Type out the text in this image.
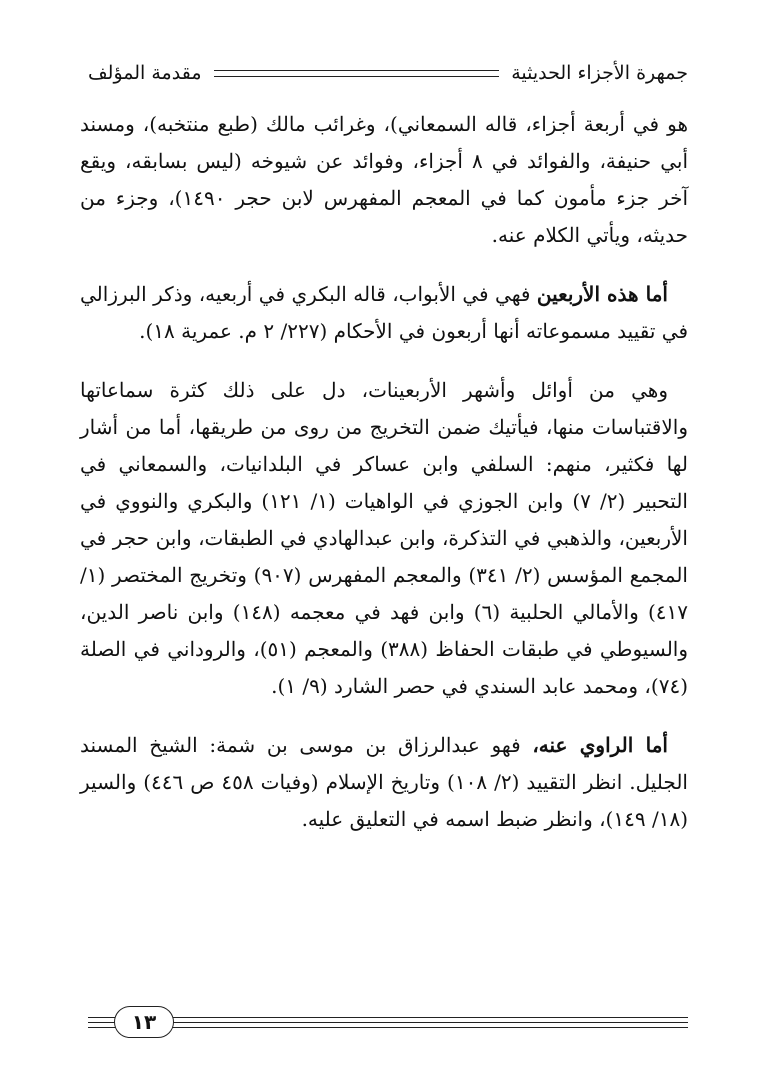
جمهرة الأجزاء الحديثية
مقدمة المؤلف

هو في أربعة أجزاء، قاله السمعاني)، وغرائب مالك (طبع منتخبه)، ومسند أبي حنيفة، والفوائد في ٨ أجزاء، وفوائد عن شيوخه (ليس بسابقه، ويقع آخر جزء مأمون كما في المعجم المفهرس لابن حجر ١٤٩٠)، وجزء من حديثه، ويأتي الكلام عنه.

أما هذه الأربعين فهي في الأبواب، قاله البكري في أربعيه، وذكر البرزالي في تقييد مسموعاته أنها أربعون في الأحكام (٢٢٧/ ٢ م. عمرية ١٨).

وهي من أوائل وأشهر الأربعينات، دل على ذلك كثرة سماعاتها والاقتباسات منها، فيأتيك ضمن التخريج من روى من طريقها، أما من أشار لها فكثير، منهم: السلفي وابن عساكر في البلدانيات، والسمعاني في التحبير (٢/ ٧) وابن الجوزي في الواهيات (١/ ١٢١) والبكري والنووي في الأربعين، والذهبي في التذكرة، وابن عبدالهادي في الطبقات، وابن حجر في المجمع المؤسس (٢/ ٣٤١) والمعجم المفهرس (٩٠٧) وتخريج المختصر (١/ ٤١٧) والأمالي الحلبية (٦) وابن فهد في معجمه (١٤٨) وابن ناصر الدين، والسيوطي في طبقات الحفاظ (٣٨٨) والمعجم (٥١)، والروداني في الصلة (٧٤)، ومحمد عابد السندي في حصر الشارد (٩/ ١).

أما الراوي عنه، فهو عبدالرزاق بن موسى بن شمة: الشيخ المسند الجليل. انظر التقييد (٢/ ١٠٨) وتاريخ الإسلام (وفيات ٤٥٨ ص ٤٤٦) والسير (١٨/ ١٤٩)، وانظر ضبط اسمه في التعليق عليه.

١٣
